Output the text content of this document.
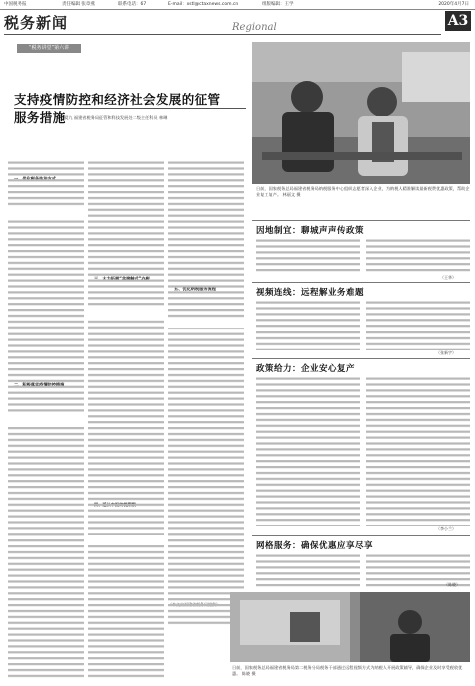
中国税务报	责任编辑 张章燕	联系电话：67	E-mail：xstl@ctaxnews.com.cn	组版编辑：王学	2020年4月7日
税务新闻	Regional	A3
“税务讲堂”第六讲
支持疫情防控和经济社会发展的征管服务措施
王爱九 福建省税务局征管和科技发展处二级主任科员 林琳
日前，国家税务总局福建省税务局纳税服务中心组织志愿者深入企业，为纳税人精准解读最新税费优惠政策，帮助企业复工复产。 林丽文 摄
因地制宜：聊城声声传政策
（王华）
视频连线：远程解业务难题
（张新宇）
政策给力：企业安心复产
（李小兰）
网格服务：确保优惠应享尽享
（陈晓）
日前，国家税务总局福建省税务局第二税务分局税务干部通过远程视频方式为纳税人开展政策辅导，确保企业及时享受税收优惠。 陈晓 摄
